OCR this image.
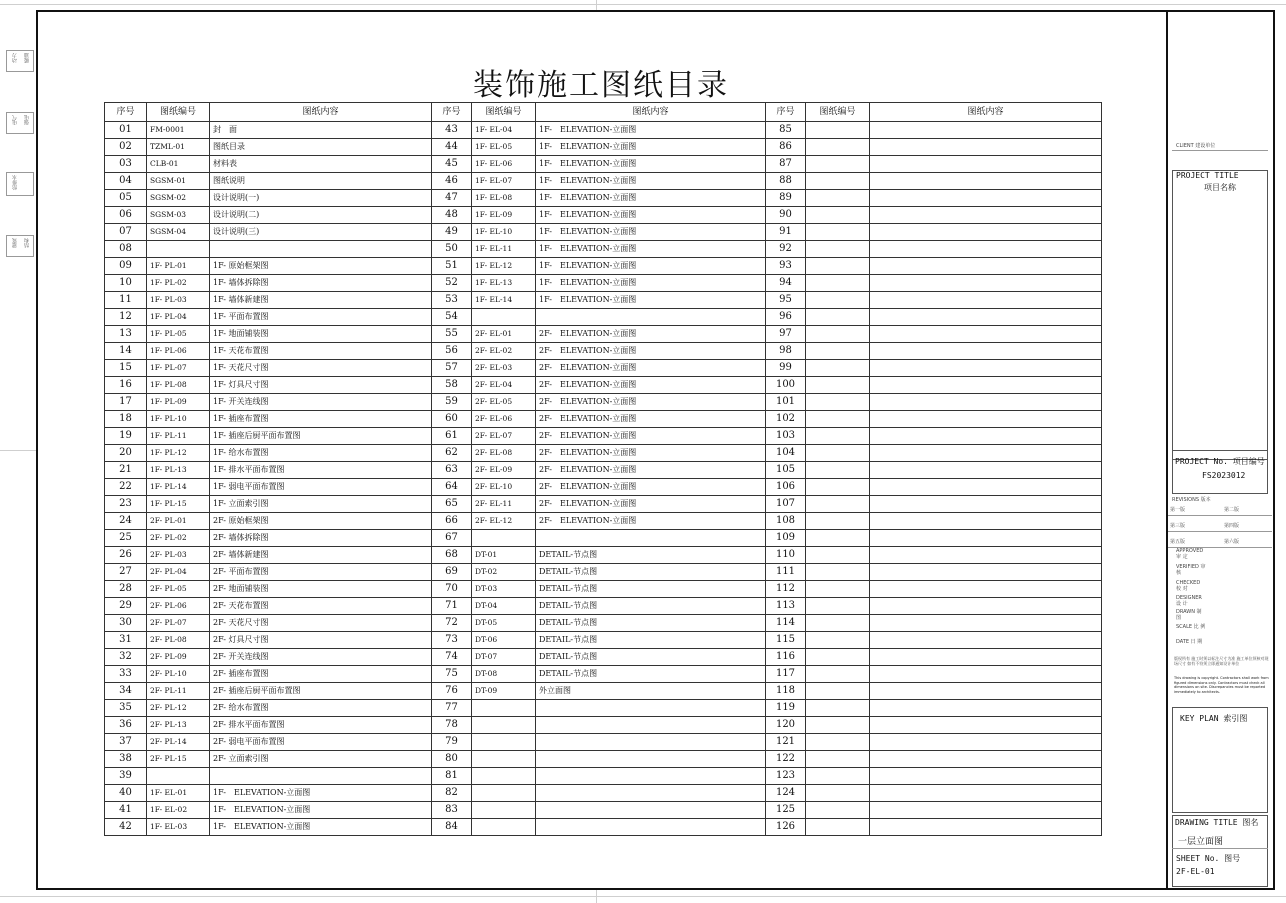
动力 暖通
电气 强电
给排水
建筑 结构
装饰施工图纸目录
序号	图纸编号	图纸内容	序号	图纸编号	图纸内容	序号	图纸编号	图纸内容
01	FM-0001	封　面	43	1F- EL-04	1F-　ELEVATION-立面图	85		
02	TZML-01	图纸目录	44	1F- EL-05	1F-　ELEVATION-立面图	86		
03	CLB-01	材料表	45	1F- EL-06	1F-　ELEVATION-立面图	87		
04	SGSM-01	图纸说明	46	1F- EL-07	1F-　ELEVATION-立面图	88		
05	SGSM-02	设计说明(一)	47	1F- EL-08	1F-　ELEVATION-立面图	89		
06	SGSM-03	设计说明(二)	48	1F- EL-09	1F-　ELEVATION-立面图	90		
07	SGSM-04	设计说明(三)	49	1F- EL-10	1F-　ELEVATION-立面图	91		
08			50	1F- EL-11	1F-　ELEVATION-立面图	92		
09	1F- PL-01	1F- 原始框架图	51	1F- EL-12	1F-　ELEVATION-立面图	93		
10	1F- PL-02	1F- 墙体拆除图	52	1F- EL-13	1F-　ELEVATION-立面图	94		
11	1F- PL-03	1F- 墙体新建图	53	1F- EL-14	1F-　ELEVATION-立面图	95		
12	1F- PL-04	1F- 平面布置图	54			96		
13	1F- PL-05	1F- 地面铺装图	55	2F- EL-01	2F-　ELEVATION-立面图	97		
14	1F- PL-06	1F- 天花布置图	56	2F- EL-02	2F-　ELEVATION-立面图	98		
15	1F- PL-07	1F- 天花尺寸图	57	2F- EL-03	2F-　ELEVATION-立面图	99		
16	1F- PL-08	1F- 灯具尺寸图	58	2F- EL-04	2F-　ELEVATION-立面图	100		
17	1F- PL-09	1F- 开关连线图	59	2F- EL-05	2F-　ELEVATION-立面图	101		
18	1F- PL-10	1F- 插座布置图	60	2F- EL-06	2F-　ELEVATION-立面图	102		
19	1F- PL-11	1F- 插座后厨平面布置图	61	2F- EL-07	2F-　ELEVATION-立面图	103		
20	1F- PL-12	1F- 给水布置图	62	2F- EL-08	2F-　ELEVATION-立面图	104		
21	1F- PL-13	1F- 排水平面布置图	63	2F- EL-09	2F-　ELEVATION-立面图	105		
22	1F- PL-14	1F- 弱电平面布置图	64	2F- EL-10	2F-　ELEVATION-立面图	106		
23	1F- PL-15	1F- 立面索引图	65	2F- EL-11	2F-　ELEVATION-立面图	107		
24	2F- PL-01	2F- 原始框架图	66	2F- EL-12	2F-　ELEVATION-立面图	108		
25	2F- PL-02	2F- 墙体拆除图	67			109		
26	2F- PL-03	2F- 墙体新建图	68	DT-01	DETAIL-节点图	110		
27	2F- PL-04	2F- 平面布置图	69	DT-02	DETAIL-节点图	111		
28	2F- PL-05	2F- 地面铺装图	70	DT-03	DETAIL-节点图	112		
29	2F- PL-06	2F- 天花布置图	71	DT-04	DETAIL-节点图	113		
30	2F- PL-07	2F- 天花尺寸图	72	DT-05	DETAIL-节点图	114		
31	2F- PL-08	2F- 灯具尺寸图	73	DT-06	DETAIL-节点图	115		
32	2F- PL-09	2F- 开关连线图	74	DT-07	DETAIL-节点图	116		
33	2F- PL-10	2F- 插座布置图	75	DT-08	DETAIL-节点图	117		
34	2F- PL-11	2F- 插座后厨平面布置图	76	DT-09	外立面图	118		
35	2F- PL-12	2F- 给水布置图	77			119		
36	2F- PL-13	2F- 排水平面布置图	78			120		
37	2F- PL-14	2F- 弱电平面布置图	79			121		
38	2F- PL-15	2F- 立面索引图	80			122		
39			81			123		
40	1F- EL-01	1F-　ELEVATION-立面图	82			124		
41	1F- EL-02	1F-　ELEVATION-立面图	83			125		
42	1F- EL-03	1F-　ELEVATION-立面图	84			126		
CLIENT 建设单位
PROJECT TITLE
项目名称
PROJECT No. 项目编号
FS2023012
REVISIONS 版本
第一版	第二版
第三版	第四版
第五版	第六版
APPROVED 审 定
VERIFIED 审 核
CHECKED 校 对
DESIGNER 设 计
DRAWN 制 图
SCALE 比 例
DATE 日 期
版权所有 施工时须以标注尺寸为准 施工单位须核对现场尺寸 如有不符须立即通知设计单位
This drawing is copyright. Contractors shall work from figured dimensions only. Contractors must check all dimensions on site. Discrepancies must be reported immediately to architects.
KEY PLAN 索引图
DRAWING TITLE 图名
一层立面图
SHEET No. 图号
2F-EL-01
